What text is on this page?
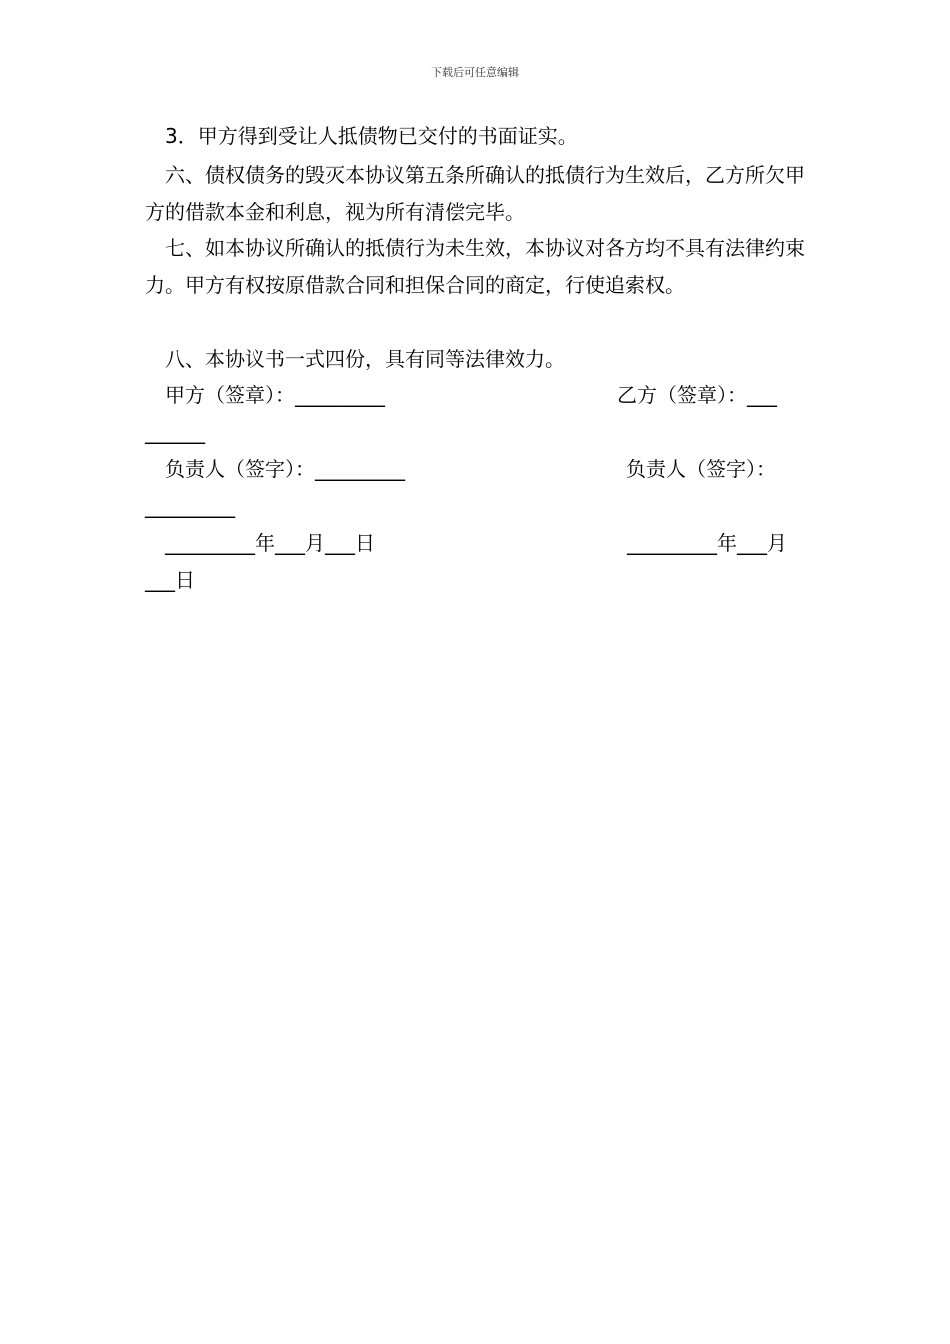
下载后可任意编辑
3．甲方得到受让人抵债物已交付的书面证实。
六、债权债务的毁灭本协议第五条所确认的抵债行为生效后，乙方所欠甲方的借款本金和利息，视为所有清偿完毕。
七、如本协议所确认的抵债行为未生效，本协议对各方均不具有法律约束力。甲方有权按原借款合同和担保合同的商定，行使追索权。
八、本协议书一式四份，具有同等法律效力。
甲方（签章）：_________	乙方（签章）：___
______
负责人（签字）：_________	负责人（签字）：
_________
_________年___月___日	_________年___月
___日
